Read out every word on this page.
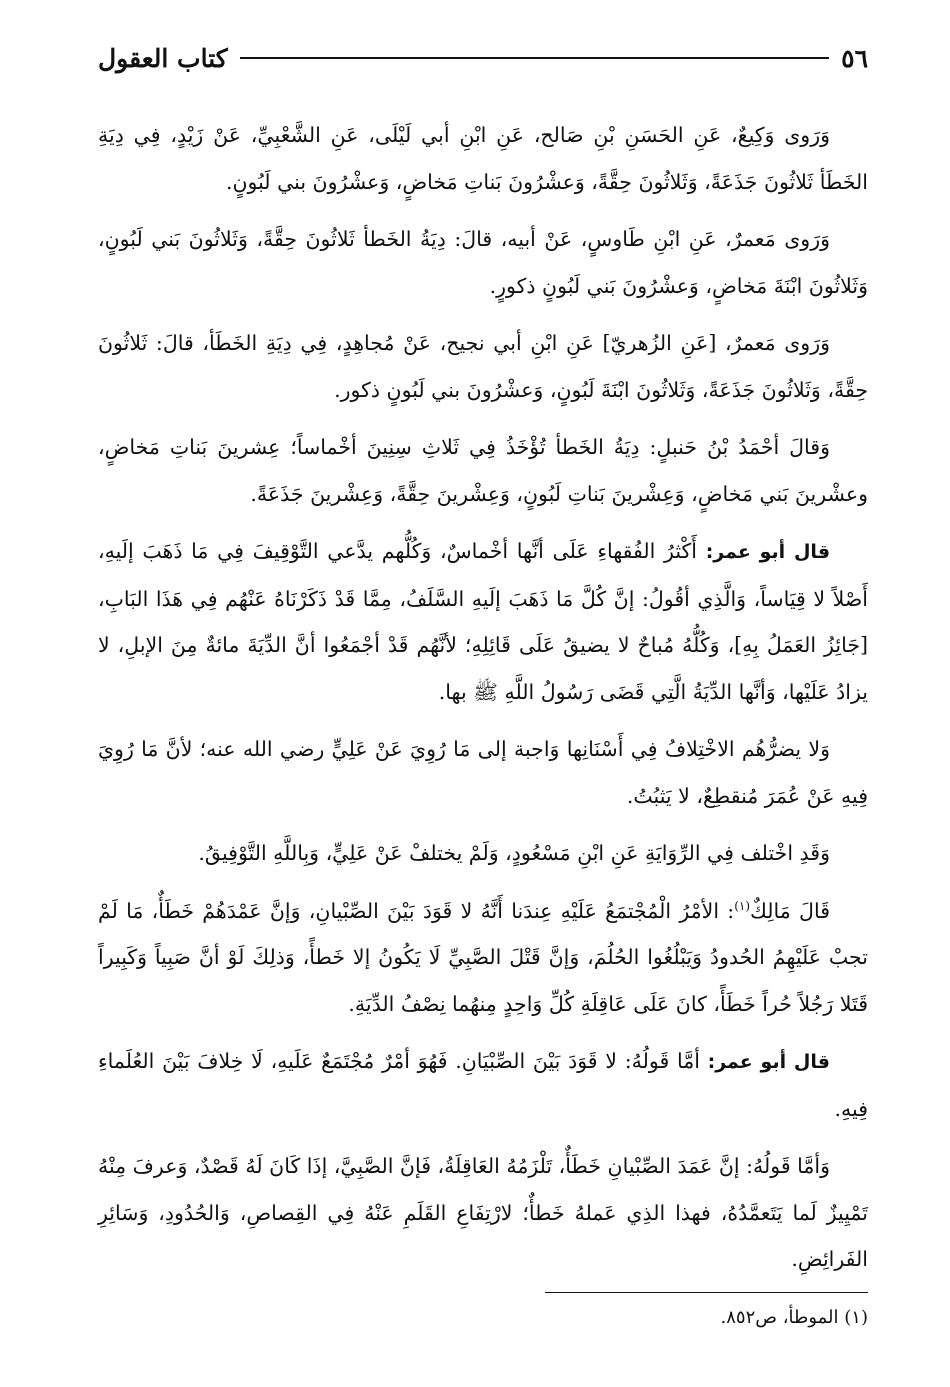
٥٦
كتاب العقول

وَرَوى وَكِيعٌ، عَنِ الحَسَنِ بْنِ صَالح، عَنِ ابْنِ أبي لَيْلَى، عَنِ الشَّعْبِيِّ، عَنْ زَيْدٍ، فِي دِيَةِ الخَطَأ ثَلاثُونَ جَذَعَةً، وَثَلاثُونَ حِقَّةً، وَعشْرُونَ بَناتِ مَخاضٍ، وَعشْرُونَ بني لَبُونٍ.

وَرَوى مَعمرٌ، عَنِ ابْنِ طَاوسٍ، عَنْ أبيه، قالَ: دِيَةُ الخَطأ ثَلاثُونَ حِقَّةً، وَثَلاثُونَ بَني لَبُونٍ، وَثَلاثُونَ ابْنَةَ مَخاضٍ، وَعشْرُونَ بَني لَبُونٍ ذكورٍ.

وَرَوى مَعمرٌ، [عَنِ الزُهريّ] عَنِ ابْنِ أبي نجيح، عَنْ مُجاهِدٍ، فِي دِيَةِ الخَطَأ، قالَ: ثَلاثُونَ حِقَّةً، وَثَلاثُونَ جَذَعَةً، وَثَلاثُونَ ابْنَةَ لَبُونٍ، وَعشْرُونَ بني لَبُونٍ ذكور.

وَقالَ أحْمَدُ بْنُ حَنبلٍ: دِيَةُ الخَطأ تُؤْخَذُ فِي ثَلاثِ سِنِينَ أخْماساً؛ عِشرينَ بَناتِ مَخاضٍ، وعشْرينَ بَني مَخاضٍ، وَعِشْرينَ بَناتِ لَبُونٍ، وَعِشْرينَ حِقَّةً، وَعِشْرينَ جَذَعَةً.

قال أبو عمر: أَكْثرُ الفُقهاءِ عَلَى أنَّها أخْماسٌ، وَكُلُّهم يدَّعي التَّوْقِيفَ فِي مَا ذَهَبَ إلَيهِ، أَصْلاً لا قِيَاساً، وَالَّذِي أقُولُ: إنَّ كُلَّ مَا ذَهَبَ إلَيهِ السَّلَفُ، مِمَّا قَدْ ذَكَرْنَاهُ عَنْهُم فِي هَذَا البَابِ، [جَائِزُ العَمَلُ بِهِ]، وَكُلُّهُ مُباحٌ لا يضيقُ عَلَى قَائِلِهِ؛ لأنَّهُم قَدْ أجْمَعُوا أنَّ الدِّيَةَ مائةٌ مِنَ الإبلِ، لا يزادُ عَلَيْها، وَأنَّها الدِّيَةُ الَّتِي قَضَى رَسُولُ اللَّهِ ﷺ بها.

وَلا يضرُّهُم الاخْتِلافُ فِي أَسْنَانِها وَاجبة إلى مَا رُوِيَ عَنْ عَلِيٍّ رضي الله عنه؛ لأنَّ مَا رُوِيَ فِيهِ عَنْ عُمَرَ مُنقطِعٌ، لا يَثبُتُ.

وَقَدِ اخْتلف فِي الرِّوَايَةِ عَنِ ابْنِ مَسْعُودٍ، وَلَمْ يختلفْ عَنْ عَلِيٍّ، وَبِاللَّهِ التَّوْفِيقُ.

قَالَ مَالِكٌ$^{(١)}$: الأمْرُ الْمُجْتمَعُ عَلَيْهِ عِندَنا أَنَّهُ لا قَوَدَ بَيْنَ الصِّبْيانِ، وَإنَّ عَمْدَهُمْ خَطَأٌ، مَا لَمْ تجبْ عَلَيْهِمُ الحُدودُ وَيَبْلُغُوا الحُلُمَ، وَإنَّ قَتْلَ الصَّبِيِّ لَا يَكُونُ إلا خَطأً، وَذلِكَ لَوْ أنَّ صَبِياً وَكَبِيراً قَتَلا رَجُلاً حُراً خَطَأً، كانَ عَلَى عَاقِلَةِ كُلِّ وَاحِدٍ مِنهُما نِصْفُ الدِّيَةِ.

قال أبو عمر: أمَّا قَولُهُ: لا قَوَدَ بَيْنَ الصِّبْيَانِ. فَهُوَ أمْرٌ مُجْتَمَعٌ عَلَيهِ، لَا خِلافَ بَيْنَ العُلَماءِ فِيهِ.

وَأمَّا قَولُهُ: إنَّ عَمَدَ الصِّبْيانِ خَطَأٌ، تَلْزَمُهُ العَاقِلَةُ، فَإنَّ الصَّبِيَّ، إذَا كَانَ لَهُ قَصْدٌ، وَعرفَ مِنْهُ تَمْيِيزٌ لَما يَتَعمَّدُهُ، فهذا الذِي عَملهُ خَطأٌ؛ لارْتِفَاعِ القَلَمِ عَنْهُ فِي القِصاصِ، وَالحُدُودِ، وَسَائِرِ الفَرائِضِ.

(١) الموطأ، ص٨٥٢.
